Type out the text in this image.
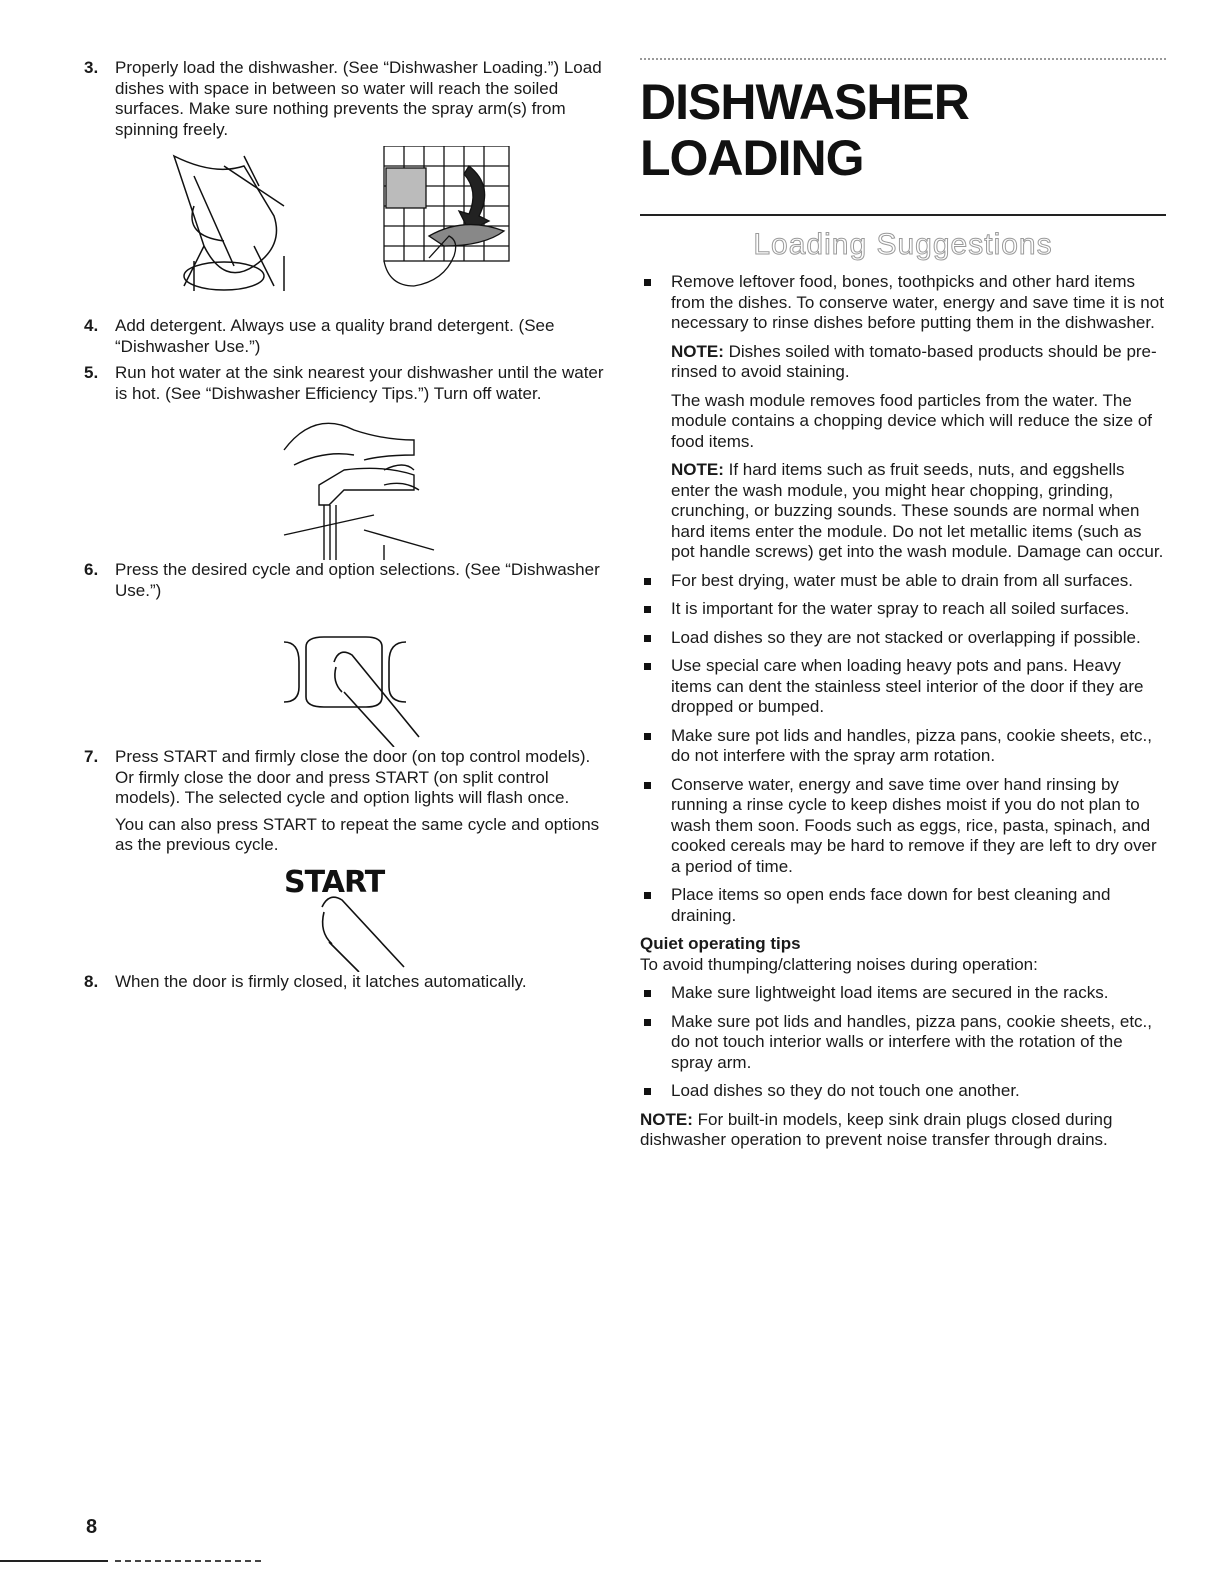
3. Properly load the dishwasher. (See “Dishwasher Loading.”) Load dishes with space in between so water will reach the soiled surfaces. Make sure nothing prevents the spray arm(s) from spinning freely.

4. Add detergent. Always use a quality brand detergent. (See “Dishwasher Use.”)

5. Run hot water at the sink nearest your dishwasher until the water is hot. (See “Dishwasher Efficiency Tips.”) Turn off water.

6. Press the desired cycle and option selections. (See “Dishwasher Use.”)

7. Press START and firmly close the door (on top control models). Or firmly close the door and press START (on split control models). The selected cycle and option lights will flash once.

You can also press START to repeat the same cycle and options as the previous cycle.

START
8. When the door is firmly closed, it latches automatically.

DISHWASHER LOADING
Loading Suggestions

Remove leftover food, bones, toothpicks and other hard items from the dishes. To conserve water, energy and save time it is not necessary to rinse dishes before putting them in the dishwasher.

NOTE: Dishes soiled with tomato-based products should be pre-rinsed to avoid staining.

The wash module removes food particles from the water. The module contains a chopping device which will reduce the size of food items.

NOTE: If hard items such as fruit seeds, nuts, and eggshells enter the wash module, you might hear chopping, grinding, crunching, or buzzing sounds. These sounds are normal when hard items enter the module. Do not let metallic items (such as pot handle screws) get into the wash module. Damage can occur.

For best drying, water must be able to drain from all surfaces.

It is important for the water spray to reach all soiled surfaces.

Load dishes so they are not stacked or overlapping if possible.

Use special care when loading heavy pots and pans. Heavy items can dent the stainless steel interior of the door if they are dropped or bumped.

Make sure pot lids and handles, pizza pans, cookie sheets, etc., do not interfere with the spray arm rotation.

Conserve water, energy and save time over hand rinsing by running a rinse cycle to keep dishes moist if you do not plan to wash them soon. Foods such as eggs, rice, pasta, spinach, and cooked cereals may be hard to remove if they are left to dry over a period of time.

Place items so open ends face down for best cleaning and draining.

Quiet operating tips

To avoid thumping/clattering noises during operation:

Make sure lightweight load items are secured in the racks.

Make sure pot lids and handles, pizza pans, cookie sheets, etc., do not touch interior walls or interfere with the rotation of the spray arm.

Load dishes so they do not touch one another.

NOTE: For built-in models, keep sink drain plugs closed during dishwasher operation to prevent noise transfer through drains.

8
